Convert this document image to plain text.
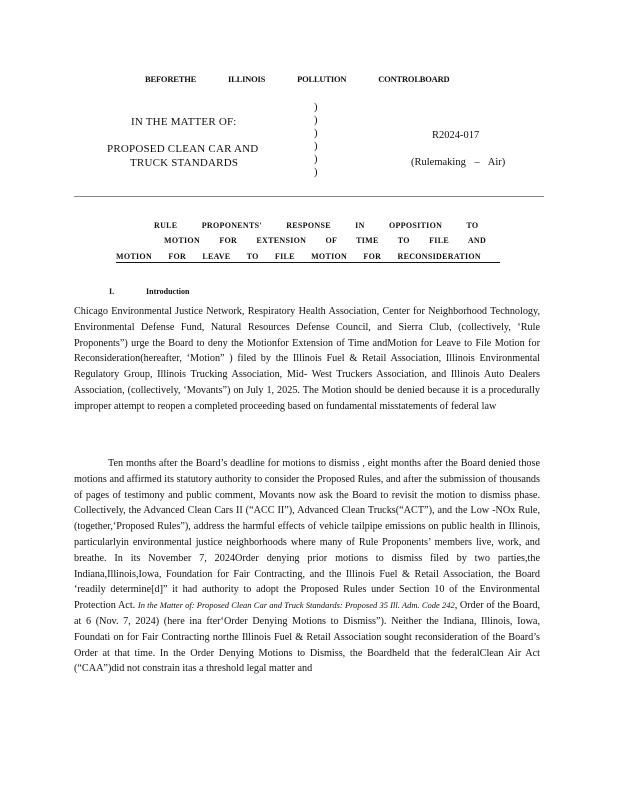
BEFORETHE ILLINOIS POLLUTION CONTROLBOARD
IN THE MATTER OF:
PROPOSED CLEAN CAR AND
TRUCK STANDARDS
)
)
)
)
)
)
R2024-017
(Rulemaking – Air)
RULE PROPONENTS' RESPONSE IN OPPOSITION TO
MOTION FOR EXTENSION OF TIME TO FILE AND
MOTION FOR LEAVE TO FILE MOTION FOR RECONSIDERATION
I.	Introduction

Chicago Environmental Justice Network, Respiratory Health Association, Center for Neighborhood Technology, Environmental Defense Fund, Natural Resources Defense Council, and Sierra Club, (collectively, ‘Rule Proponents”) urge the Board to deny the Motionfor Extension of Time andMotion for Leave to File Motion for Reconsideration(hereafter, ‘Motion” ) filed by the Illinois Fuel & Retail Association, Illinois Environmental Regulatory Group, Illinois Trucking Association, Mid- West Truckers Association, and Illinois Auto Dealers Association, (collectively, ‘Movants”) on July 1, 2025. The Motion should be denied because it is a procedurally improper attempt to reopen a completed proceeding based on fundamental misstatements of federal law

Ten months after the Board’s deadline for motions to dismiss , eight months after the Board denied those motions and affirmed its statutory authority to consider the Proposed Rules, and after the submission of thousands of pages of testimony and public comment, Movants now ask the Board to revisit the motion to dismiss phase. Collectively, the Advanced Clean Cars II (“ACC II”), Advanced Clean Trucks(“ACT”), and the Low -NOx Rule, (together,‘Proposed Rules”), address the harmful effects of vehicle tailpipe emissions on public health in Illinois, particularlyin environmental justice neighborhoods where many of Rule Proponents’ members live, work, and breathe. In its November 7, 2024Order denying prior motions to dismiss filed by two parties,the Indiana,Illinois,Iowa, Foundation for Fair Contracting, and the Illinois Fuel & Retail Association, the Board ‘readily determine[d]” it had authority to adopt the Proposed Rules under Section 10 of the Environmental Protection Act. In the Matter of: Proposed Clean Car and Truck Standards: Proposed 35 Ill. Adm. Code 242, Order of the Board, at 6 (Nov. 7, 2024) (here ina fter‘Order Denying Motions to Dismiss”). Neither the Indiana, Illinois, Iowa, Foundati on for Fair Contracting northe Illinois Fuel & Retail Association sought reconsideration of the Board’s Order at that time. In the Order Denying Motions to Dismiss, the Boardheld that the federalClean Air Act (“CAA”)did not constrain itas a threshold legal matter and
